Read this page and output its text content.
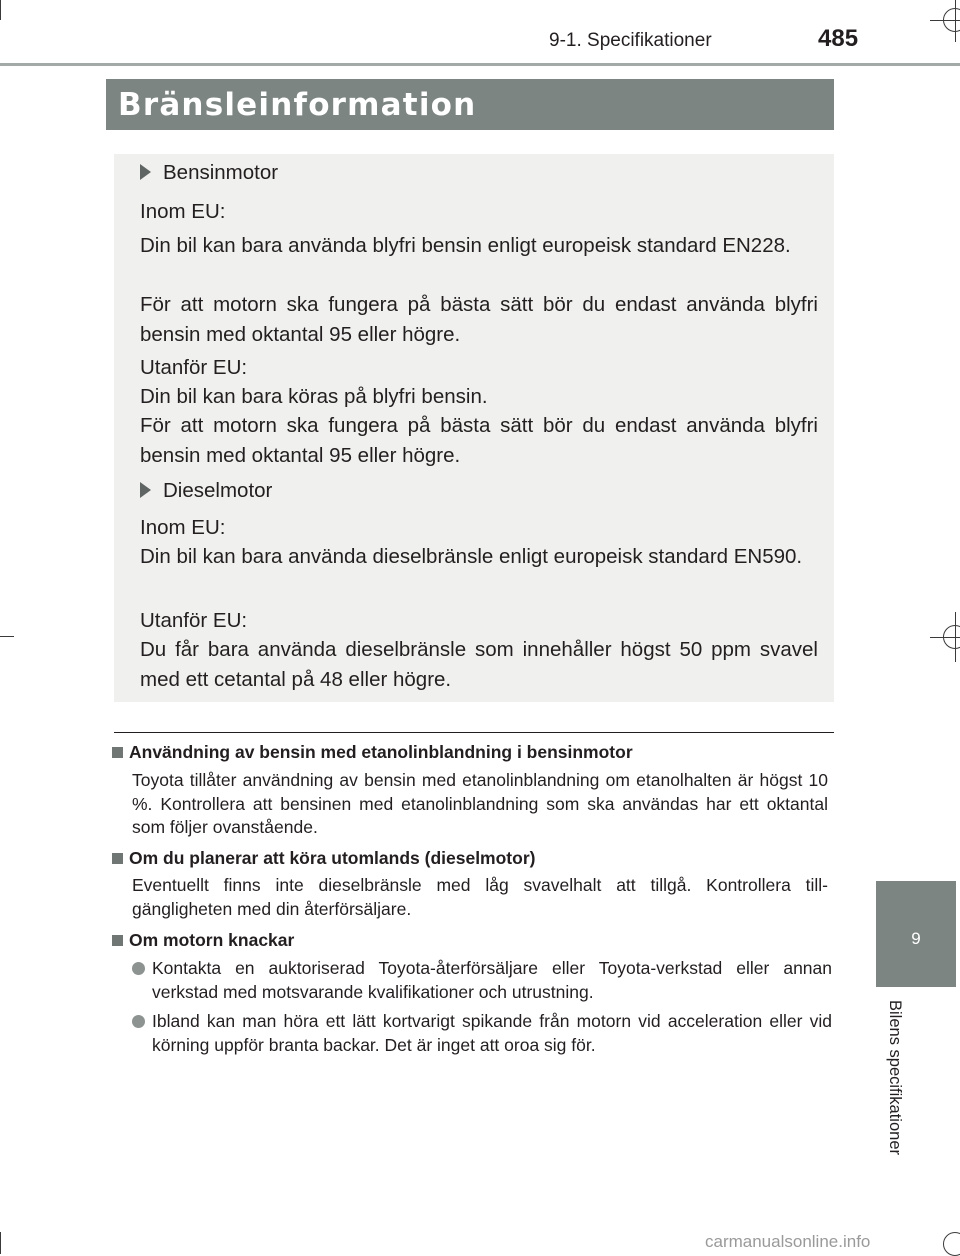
9-1. Specifikationer	485
Bränsleinformation
Bensinmotor
Inom EU:

Din bil kan bara använda blyfri bensin enligt europeisk standard EN228.

För att motorn ska fungera på bästa sätt bör du endast använda blyfri bensin med oktantal 95 eller högre.

Utanför EU:

Din bil kan bara köras på blyfri bensin.

För att motorn ska fungera på bästa sätt bör du endast använda blyfri bensin med oktantal 95 eller högre.

Dieselmotor
Inom EU:

Din bil kan bara använda dieselbränsle enligt europeisk standard EN590.

Utanför EU:

Du får bara använda dieselbränsle som innehåller högst 50 ppm svavel med ett cetantal på 48 eller högre.

Användning av bensin med etanolinblandning i bensinmotor

Toyota tillåter användning av bensin med etanolinblandning om etanolhalten är högst 10 %. Kontrollera att bensinen med etanolinblandning som ska användas har ett oktantal som följer ovanstående.

Om du planerar att köra utomlands (dieselmotor)

Eventuellt finns inte dieselbränsle med låg svavelhalt att tillgå. Kontrollera till-gängligheten med din återförsäljare.

Om motorn knackar

Kontakta en auktoriserad Toyota-återförsäljare eller Toyota-verkstad eller annan verkstad med motsvarande kvalifikationer och utrustning.

Ibland kan man höra ett lätt kortvarigt spikande från motorn vid acceleration eller vid körning uppför branta backar. Det är inget att oroa sig för.

9
Bilens specifikationer
carmanualsonline.info
